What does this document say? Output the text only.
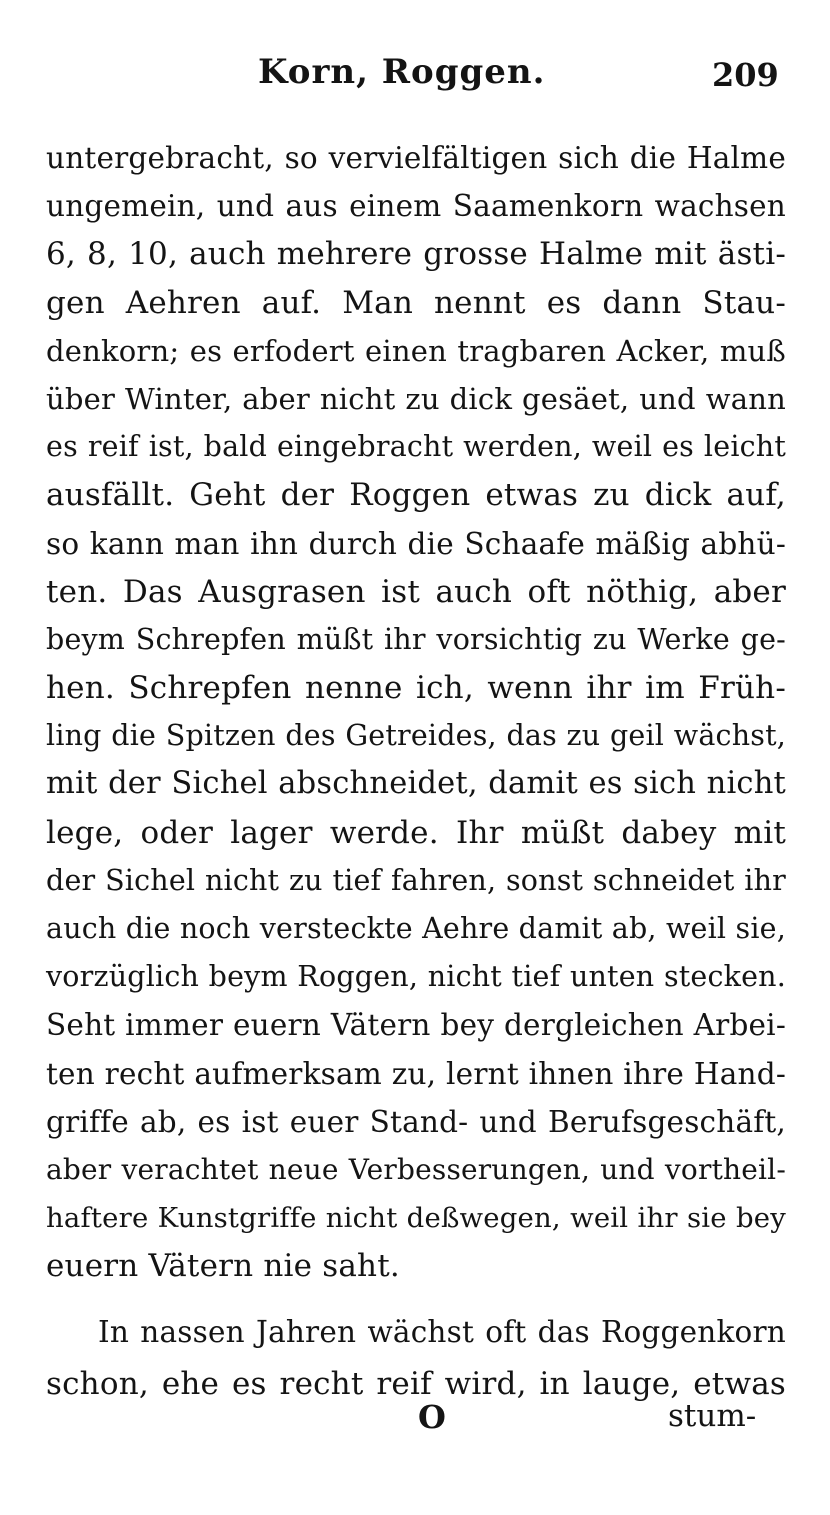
Korn, Roggen.	209
untergebracht, so vervielfältigen sich die Halme
ungemein, und aus einem Saamenkorn wachsen
6, 8, 10, auch mehrere grosse Halme mit ästi-
gen Aehren auf. Man nennt es dann Stau-
denkorn; es erfodert einen tragbaren Acker, muß
über Winter, aber nicht zu dick gesäet, und wann
es reif ist, bald eingebracht werden, weil es leicht
ausfällt. Geht der Roggen etwas zu dick auf,
so kann man ihn durch die Schaafe mäßig abhü-
ten. Das Ausgrasen ist auch oft nöthig, aber
beym Schrepfen müßt ihr vorsichtig zu Werke ge-
hen. Schrepfen nenne ich, wenn ihr im Früh-
ling die Spitzen des Getreides, das zu geil wächst,
mit der Sichel abschneidet, damit es sich nicht
lege, oder lager werde. Ihr müßt dabey mit
der Sichel nicht zu tief fahren, sonst schneidet ihr
auch die noch versteckte Aehre damit ab, weil sie,
vorzüglich beym Roggen, nicht tief unten stecken.
Seht immer euern Vätern bey dergleichen Arbei-
ten recht aufmerksam zu, lernt ihnen ihre Hand-
griffe ab, es ist euer Stand- und Berufsgeschäft,
aber verachtet neue Verbesserungen, und vortheil-
haftere Kunstgriffe nicht deßwegen, weil ihr sie bey
euern Vätern nie saht.
In nassen Jahren wächst oft das Roggenkorn
schon, ehe es recht reif wird, in lauge, etwas
O	stum-
